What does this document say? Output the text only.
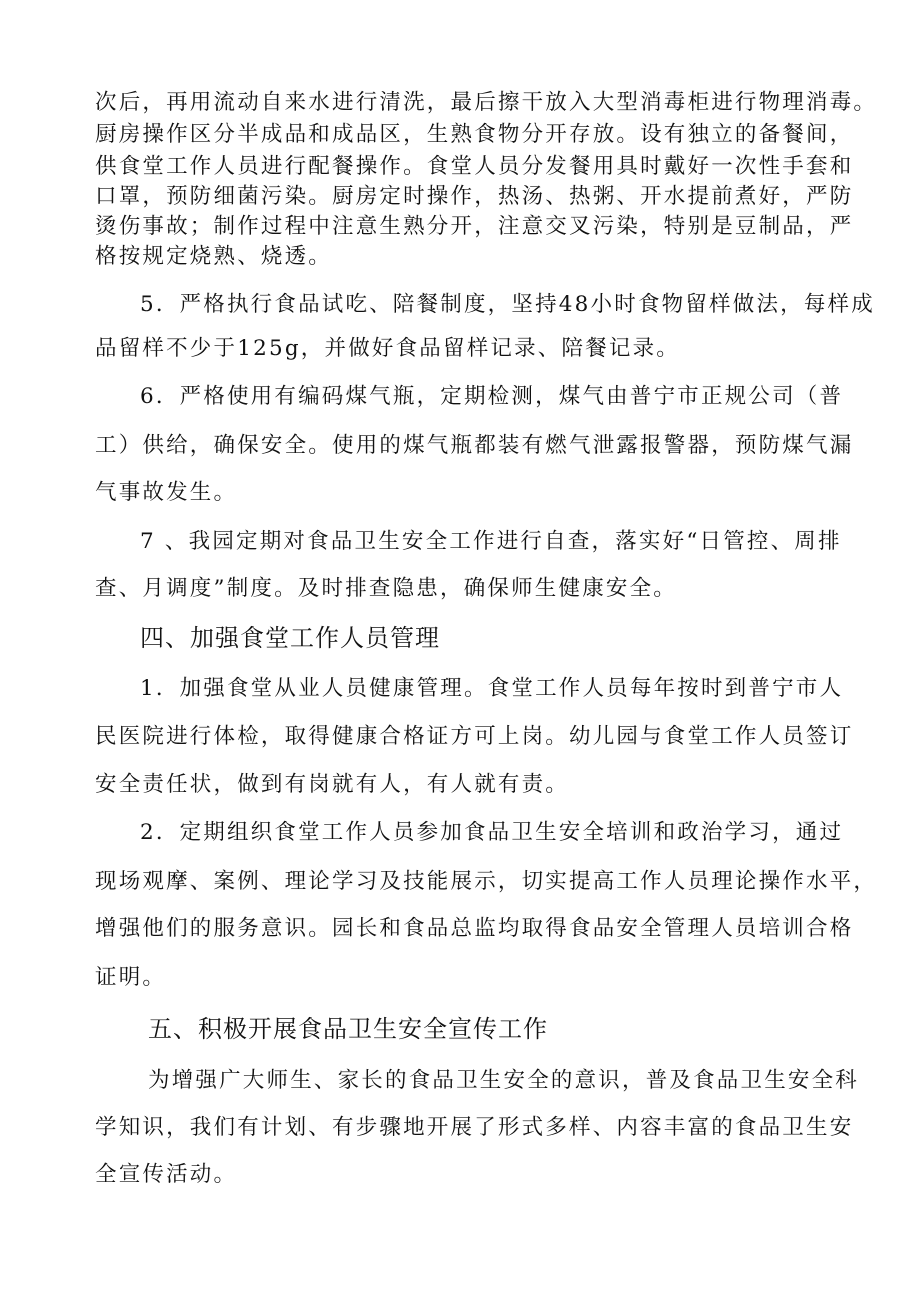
次后，再用流动自来水进行清洗，最后擦干放入大型消毒柜进行物理消毒。
厨房操作区分半成品和成品区，生熟食物分开存放。设有独立的备餐间，
供食堂工作人员进行配餐操作。食堂人员分发餐用具时戴好一次性手套和
口罩，预防细菌污染。厨房定时操作，热汤、热粥、开水提前煮好，严防
烫伤事故；制作过程中注意生熟分开，注意交叉污染，特别是豆制品，严
格按规定烧熟、烧透。
5．严格执行食品试吃、陪餐制度，坚持48小时食物留样做法，每样成
品留样不少于125g，并做好食品留样记录、陪餐记录。
6．严格使用有编码煤气瓶，定期检测，煤气由普宁市正规公司（普
工）供给，确保安全。使用的煤气瓶都装有燃气泄露报警器，预防煤气漏
气事故发生。
7 、我园定期对食品卫生安全工作进行自查，落实好“日管控、周排
查、月调度”制度。及时排查隐患，确保师生健康安全。
四、加强食堂工作人员管理
1．加强食堂从业人员健康管理。食堂工作人员每年按时到普宁市人
民医院进行体检，取得健康合格证方可上岗。幼儿园与食堂工作人员签订
安全责任状，做到有岗就有人，有人就有责。
2．定期组织食堂工作人员参加食品卫生安全培训和政治学习，通过
现场观摩、案例、理论学习及技能展示，切实提高工作人员理论操作水平，
增强他们的服务意识。园长和食品总监均取得食品安全管理人员培训合格
证明。
五、积极开展食品卫生安全宣传工作
为增强广大师生、家长的食品卫生安全的意识，普及食品卫生安全科
学知识，我们有计划、有步骤地开展了形式多样、内容丰富的食品卫生安
全宣传活动。
